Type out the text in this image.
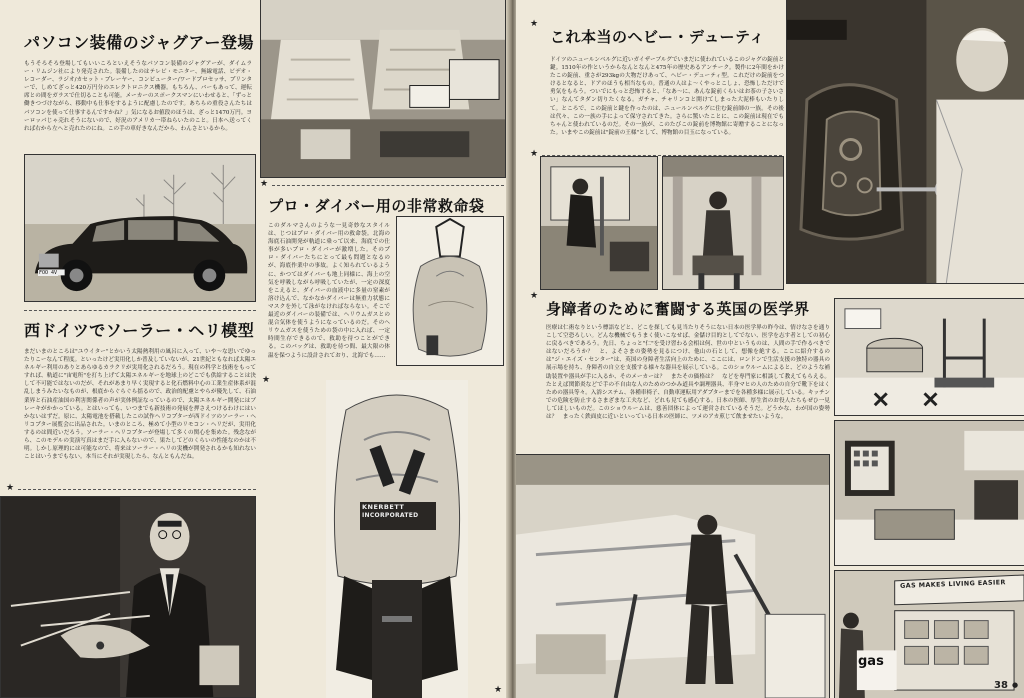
パソコン装備のジャグアー登場
もうそろそろ登場してもいいころといえそうなパソコン装備のジャグアーが、ダイムラー・リムジン社により発売された。装備したのはテレビ・モニター、無線電話、ビデオ・レコーダー、ラジオ/カセット・プレーヤー、コンピューター/ワードプロセッサ、プリンターで、しめてざっと420万円分のエレクトロニクス機器。もちろん、バーもあって、運転席との間をガラスで仕切ることも可能。メーカーのスポークスマンにいわせると、「ずっと働きつづけながら、移動中も仕事をするように配慮したのです。あちらの重役さんたちはパソコンを使って仕事するんですかね？」気になるお値段のほうは、ざっと1470万円。ヨーロッパじゃ売れそうにないので、好況のアメリカ一帯ねらいたのこと。日本へ送ってくれば右から左へと売れたのにね。この手の車好きなんだから、わんさといるから。
FOO 4V
西ドイツでソーラー・ヘリ模型
まだいまのところは"ユウイター"とかいう太陽熱利用の風呂に入って、いや〜な思いでゆったりこーなんて程度。といったけど実用化しか普及していないが、21世紀ともなれば太陽エネルギー利用のありとあらゆるカラクリが実用化されるだろう。現在の科学と技術をもってすれば、軌道に"宙電所"を打ち上げて太陽エネルギーを地球上のどこでも供給することは決して不可能ではないのだが、それがあまり早く実現すると化石燃料中心の工業生産体系が混乱しまうみたいなものが、根底からぐらぐら揺るので、政治的配慮とやらが優先して、石油業界と石油産油国の利害関係者の声が実体例証なっているので、太陽エネルギー開発にはブレーキがかかっている。とはいっても、いつまでも新技術の発展を押さえつけるわけにはいかないはずだ。原に、太陽電池を搭載したこの試作ヘリコプターが西ドイツのソーラー・ヘリコプター展覧会に出品された。いまのところ、極めて小型のリモコン・ヘリだが、実用化するのは間近いだろう。ソーラー・ヘリコプターが登場して多くの関心を集めた。残念ながら、このモデルの実演写真はまだ手に入らないので、果たしてどのくらいの性能なのかは不明。しかし原理的には可能なので、将来はソーラー・ヘリの実機が開発されるかも知れないことはいうまでもない。本当にそれが実現したら、なんともんだね。
★
★
プロ・ダイバー用の非常救命袋
このダルマさんのような一見奇妙なスタイルは、じつはプロ・ダイバー用の救命袋。北海の海底石油開発が軌道に乗って以来、海底での仕事が多いプロ・ダイバーが激増した。そのプロ・ダイバーたちにとって最も問題となるのが、海底作業中の事故。よく知られているように、かつてはダイバーも地上同様に、海上の空気を呼吸しながら呼吸していたが、一定の深度をこえると、ダイバーの血液中に多量の窒素が溶け込んで、なかなかダイバーは無重力状態にマスクを外して泳がなければならない。そこで最近のダイバーの装備では、ヘリウムガスとの混合気体を使うようになっているのだ。そのヘリウムガスを使うための袋の中に入れば、一定時間生存できるので、救助を待つことができる。このバッグは、救助を待つ間、最大限の体温を保つように設計されており、北海でも……
★
KNERBETT
INCORPORATED
★
★
これ本当のヘビー・デューティ
ドイツのニュールンベルグに近いガイザーブルグでいまだに使われているこのジャグの錠前と鍵。1510年の作というからなんとなんと475年の歴史あるアンチーク。製作に2年間をかけたこの錠前、重さが293kgの大物だけあって、ヘビー・デューティ型。これだけの錠前をつけるとなると、ドアのほうも相当なもの。普通の人はよ〜くやっとこしょ、恐怖しただけで勇気をもらう。ついでにもっと恐怖すると、「なあ〜に、あんな錠前くらいはお茶の子さいさい」なんてタダン切りたくなる。ガチャ、チャリンコと開けてしまった大泥棒もいたりして。ところで、この錠前と鍵を作ったのは、ニュールンベルグに住む錠前師の一族。その後は代々、この一族の手によって保守されてきた。さらに驚いたことに、この錠前は現在でもちゃんと使われているのだ。その一族が、このたびこの錠前を博物館に寄贈することになった。いまやこの錠前は"錠前の王様"として、博物館の目玉になっている。
★
★
身障者のために奮闘する英国の医学界
医療は仁術なりという標語などと、どこを探しても見当たりそうにない日本の医学界の昨今は、情けなさを通りこして空恐ろしい。どんな機械でもうまく使いこなせば、金儲け目的としてでない、医学を志す者としての初心に戻るべきであろう。先日、ちょっと"仁"を受け習わる会相は何、世の中というものは、人間の手で作るべきではないだろうか？　と、よそさまの姿勢を見るにつけ、他山の石として、想像を絶する。ここに紹介するのは"ジ・エイズ・センター"は、英国の身障者生活向上のために、ここには、ロンドンで生活支援の独特の器具の展示場を持ち、身障者の自立を支援する様々な器具を展示している。このショウルームによると、どのような補助装置や器具が手に入るか、そのメーカーは？　またその価格は？　などを専門家に相談して教えてもらえる。たとえば関節炎などで手の不自由な人のためのつかみ道具や調理器具、半身マヒの人のための自分で靴下をはくための器具等々。入浴システム、各種車椅子、自動車運転用アダプターまでを各種多様に展示している。キッチンでの危険を防止するさまざまな工夫など、どれも見ても感心する。日本の医師、厚生省のお役人たちもぜひ一見してほしいものだ。このショウルームは、慈善団体によって運営されているそうだ。どうかな、わが国の姿勢は？　まったく鉄面皮に近いといっている日本の医師に、ツメのアカ煎じて飲ませたいような。
GAS MAKES LIVING EASIER
gas
38 ●
